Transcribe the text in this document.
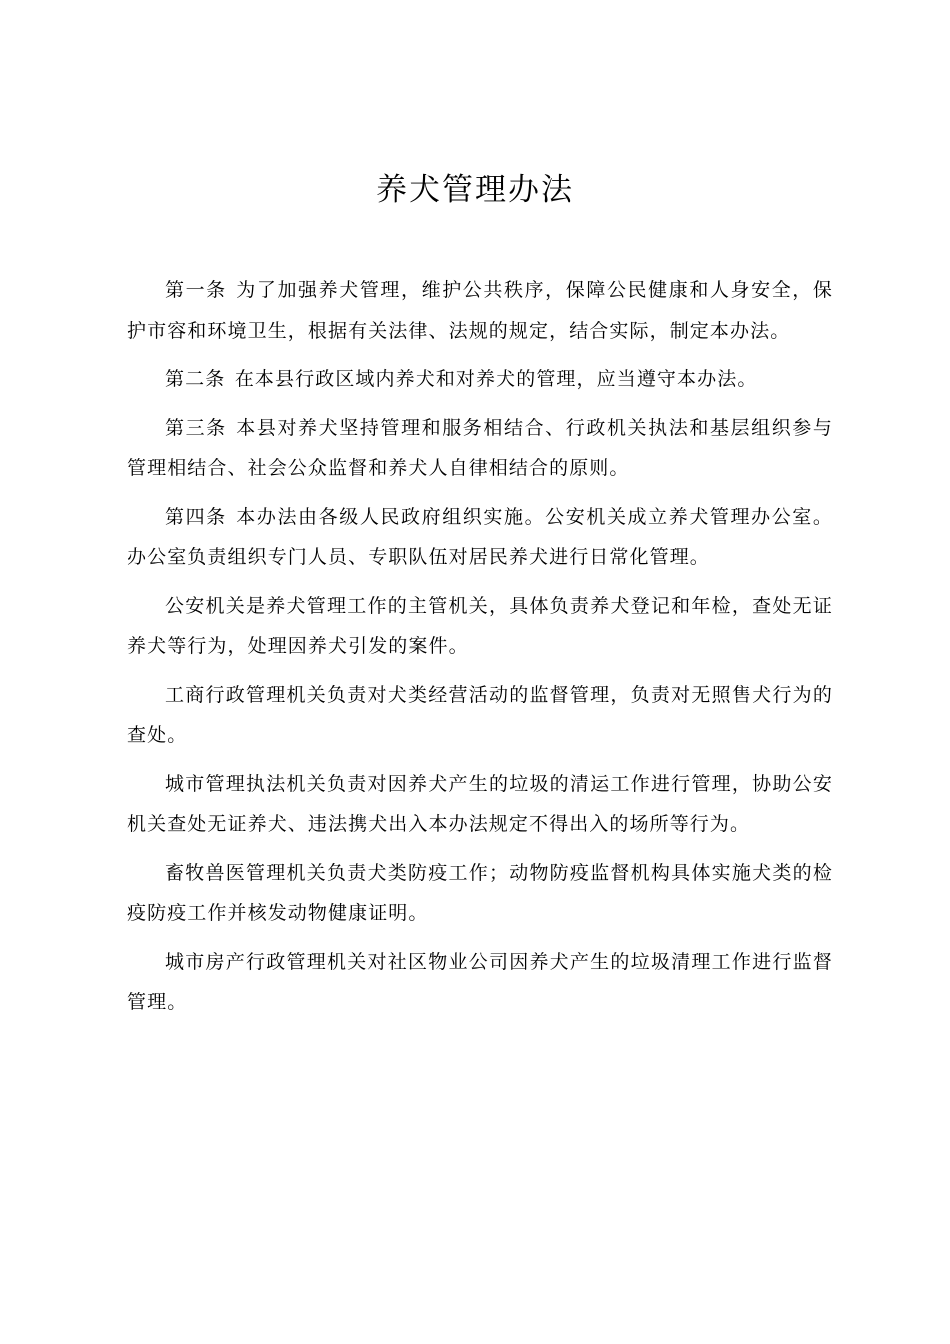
养犬管理办法

第一条 为了加强养犬管理，维护公共秩序，保障公民健康和人身安全，保护市容和环境卫生，根据有关法律、法规的规定，结合实际，制定本办法。

第二条 在本县行政区域内养犬和对养犬的管理，应当遵守本办法。

第三条 本县对养犬坚持管理和服务相结合、行政机关执法和基层组织参与管理相结合、社会公众监督和养犬人自律相结合的原则。

第四条 本办法由各级人民政府组织实施。公安机关成立养犬管理办公室。办公室负责组织专门人员、专职队伍对居民养犬进行日常化管理。

公安机关是养犬管理工作的主管机关，具体负责养犬登记和年检，查处无证养犬等行为，处理因养犬引发的案件。

工商行政管理机关负责对犬类经营活动的监督管理，负责对无照售犬行为的查处。

城市管理执法机关负责对因养犬产生的垃圾的清运工作进行管理，协助公安机关查处无证养犬、违法携犬出入本办法规定不得出入的场所等行为。

畜牧兽医管理机关负责犬类防疫工作；动物防疫监督机构具体实施犬类的检疫防疫工作并核发动物健康证明。

城市房产行政管理机关对社区物业公司因养犬产生的垃圾清理工作进行监督管理。
